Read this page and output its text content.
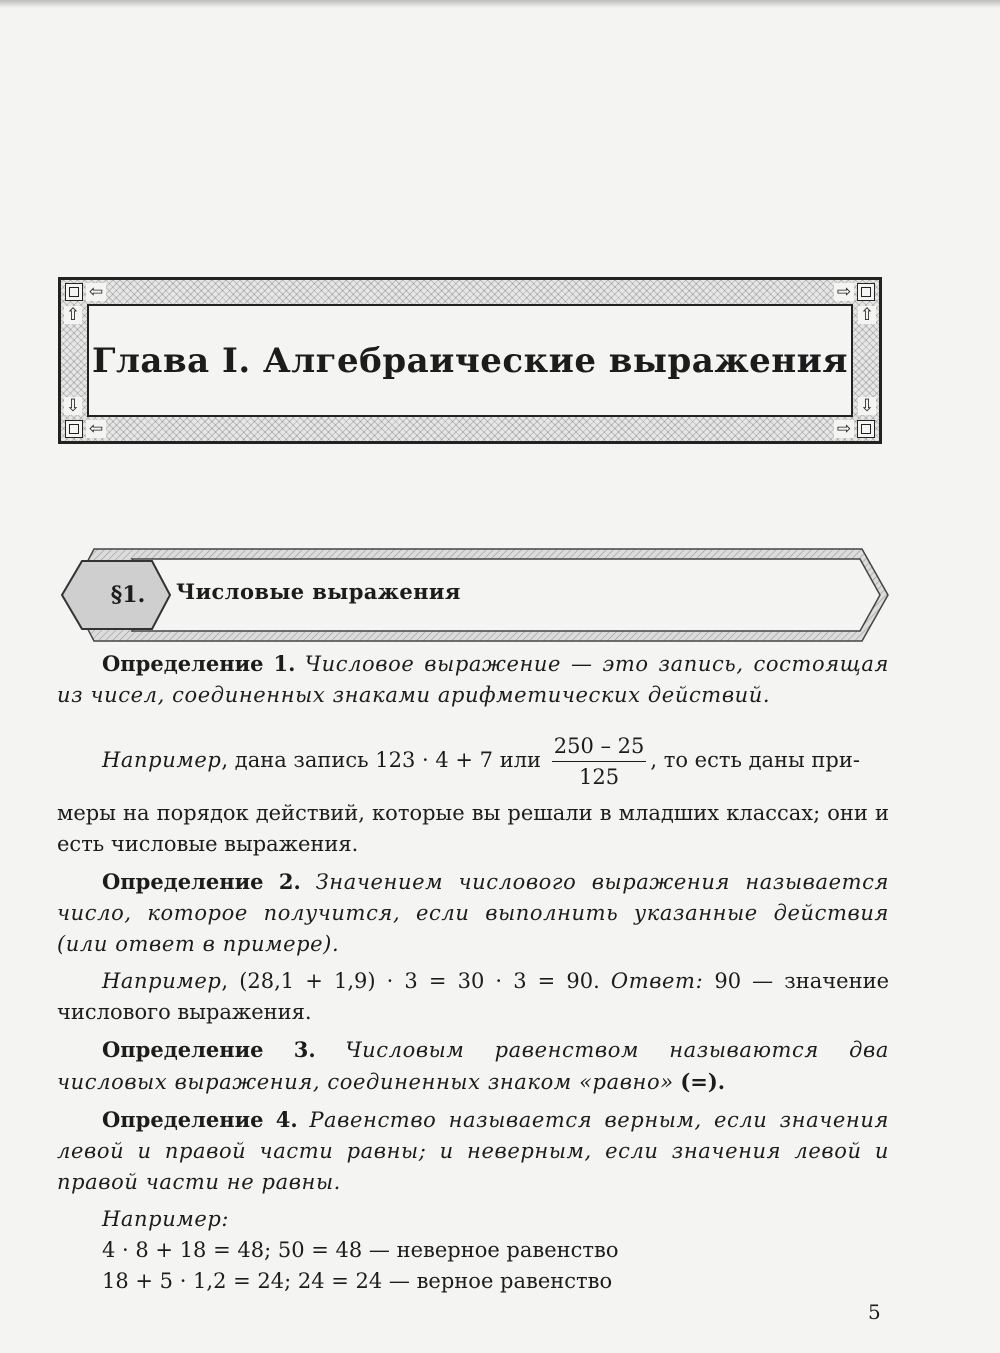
⇦	⇨
⇦	⇨
⇧	⇧
⇩	⇩
Глава I. Алгебраические выражения
§1.	Числовые выражения

Определение 1. Числовое выражение — это запись, состоящая из чисел, соединенных знаками арифметических действий.

Например, дана запись 123 · 4 + 7 или $\frac{250 - 25}{125}$ , то есть даны при-

меры на порядок действий, которые вы решали в младших классах; они и есть числовые выражения.

Определение 2. Значением числового выражения называется число, которое получится, если выполнить указанные действия (или ответ в примере).

Например, (28,1 + 1,9) · 3 = 30 · 3 = 90. Ответ: 90 — значение числового выражения.

Определение 3. Числовым равенством называются два числовых выражения, соединенных знаком «равно» (=).

Определение 4. Равенство называется верным, если значения левой и правой части равны; и неверным, если значения левой и правой части не равны.

Например:

4 · 8 + 18 = 48; 50 = 48 — неверное равенство

18 + 5 · 1,2 = 24; 24 = 24 — верное равенство

5
